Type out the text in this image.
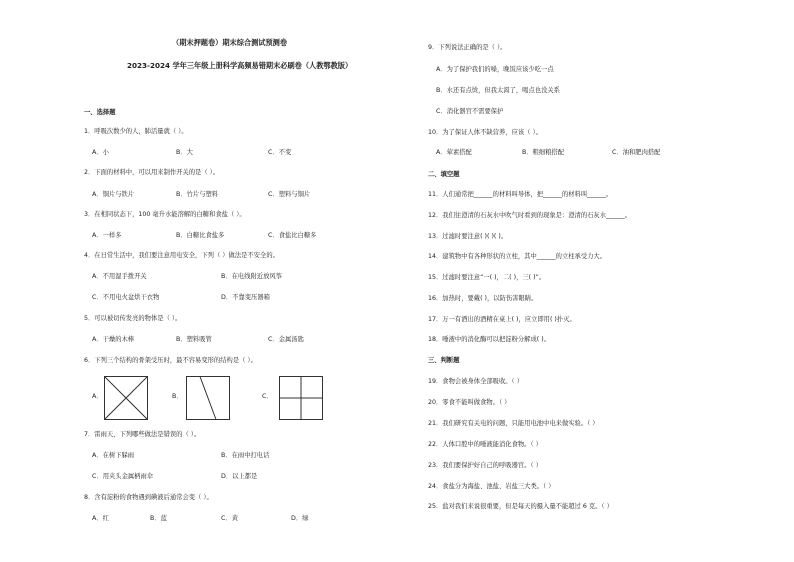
（期末押题卷）期末综合测试预测卷
2023-2024 学年三年级上册科学高频易错期末必刷卷（人教鄂教版）
一、选择题
1．呼吸次数少的人，肺活量就（ ）。
A．小	B．大	C．不变
2．下面的材料中，可以用来制作开关的是（ ）。
A．铜片与铁片	B．竹片与塑料	C．塑料与铜片
3．在相同状态下，100 毫升水能溶解的白糖和食盐（ ）。
A．一样多	B．白糖比食盐多	C．食盐比白糖多
4．在日常生活中，我们要注意用电安全，下列（ ）做法是不安全的。
A．不用湿手拨开关	B．在电线附近放风筝
C．不用电火盆烘干衣物	D．不靠变压器箱
5．可以被切传发亮的物体是（ ）。
A．干燥的木棒	B．塑料吸管	C．金属汤匙
6．下列三个结构的骨架受压时，最不容易变形的结构是（ ）。
A．	B．	C．
7．雷雨天，下列哪些做法是错误的（ ）。
A．在树下躲雨	B．在雨中打电话
C．用夹头金属柄雨伞	D．以上都是
8．含有淀粉的食物遇到碘液后通常会变（ ）。
A．红	B．蓝	C．黄	D．绿
9．下列说法正确的是（ ）。
A．为了保护我们的嗓，晚饭应该少吃一点
B．水还有点烫，但我太渴了，喝点也没关系
C．消化器官不需要保护
10．为了保证人体不缺营养，应该（ ）。
A．荤素搭配	B．粗细粮搭配	C．油和肥肉搭配
二、填空题
11．人们通常把______的材料叫导体，把______的材料叫______。
12．我们往澄清的石灰水中吹气时看到的现象是：澄清的石灰水______。
13．过滤时要注意( )( )( )。
14．建筑物中有各种形状的立柱，其中______的立柱承受力大。
15．过滤时要注意“一( )，二( )，三( )”。
16．加热时，要戴( )，以防伤害眼睛。
17．万一有酒出的酒精在桌上( )，应立即用( )扑灭。
18．唾液中的消化酶可以把淀粉分解成( )。
三、判断题
19．食物会被身体全部吸收。（ ）
20．零食不能叫做食物。（ ）
21．我们研究有关电的问题，只能用电池中电来做实验。（ ）
22．人体口腔中的唾液能消化食物。（ ）
23．我们要保护好自己的呼吸器官。（ ）
24．食盐分为海盐、池盐、岩盐三大类。（ ）
25．盐对我们来说很重要，但是每天的摄入量不能超过 6 克。（ ）
